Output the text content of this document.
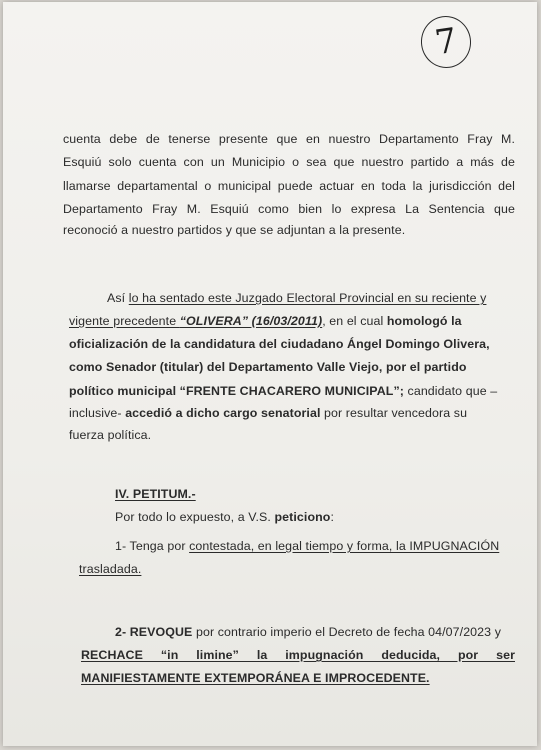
7
cuenta debe de tenerse presente que en nuestro Departamento Fray M.
Esquiú solo cuenta con un Municipio o sea que nuestro partido a más de
llamarse departamental o municipal puede actuar en toda la jurisdicción del
Departamento Fray M. Esquiú como bien lo expresa La Sentencia que
reconoció a nuestro partidos y que se adjuntan a la presente.
Así lo ha sentado este Juzgado Electoral Provincial en su reciente y
vigente precedente “OLIVERA” (16/03/2011), en el cual homologó la
oficialización de la candidatura del ciudadano Ángel Domingo Olivera,
como Senador (titular) del Departamento Valle Viejo, por el partido
político municipal “FRENTE CHACARERO MUNICIPAL”; candidato que –
inclusive- accedió a dicho cargo senatorial por resultar vencedora su
fuerza política.
IV. PETITUM.-
Por todo lo expuesto, a V.S. peticiono:
1- Tenga por contestada, en legal tiempo y forma, la IMPUGNACIÓN
trasladada.
2- REVOQUE por contrario imperio el Decreto de fecha 04/07/2023 y
RECHACE “in limine” la impugnación deducida, por ser
MANIFIESTAMENTE EXTEMPORÁNEA E IMPROCEDENTE.
